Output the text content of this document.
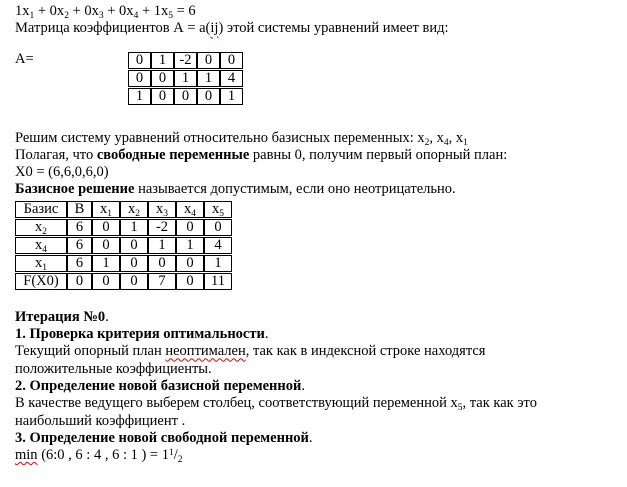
$1x_1 + 0x_2 + 0x_3 + 0x_4 + 1x_5 = 6$
Матрица коэффициентов А = a(ij) этой системы уравнений имеет вид:
A=	0	1	-2	0	0
0	0	1	1	4
1	0	0	0	1
Решим систему уравнений относительно базисных переменных: $x_2$, $x_4$, $x_1$
Полагая, что свободные переменные равны 0, получим первый опорный план:
X0 = (6,6,0,6,0)
Базисное решение называется допустимым, если оно неотрицательно.
Базис	B	$x_1$	$x_2$	$x_3$	$x_4$	$x_5$
$x_2$	6	0	1	-2	0	0
$x_4$	6	0	0	1	1	4
$x_1$	6	1	0	0	0	1
F(X0)	0	0	0	7	0	11
Итерация №0.
1. Проверка критерия оптимальности.
Текущий опорный план неоптимален, так как в индексной строке находятся
положительные коэффициенты.
2. Определение новой базисной переменной.
В качестве ведущего выберем столбец, соответствующий переменной $x_5$, так как это
наибольший коэффициент .
3. Определение новой свободной переменной.
min (6:0 , 6 : 4 , 6 : 1 ) = $1^1/_2$
